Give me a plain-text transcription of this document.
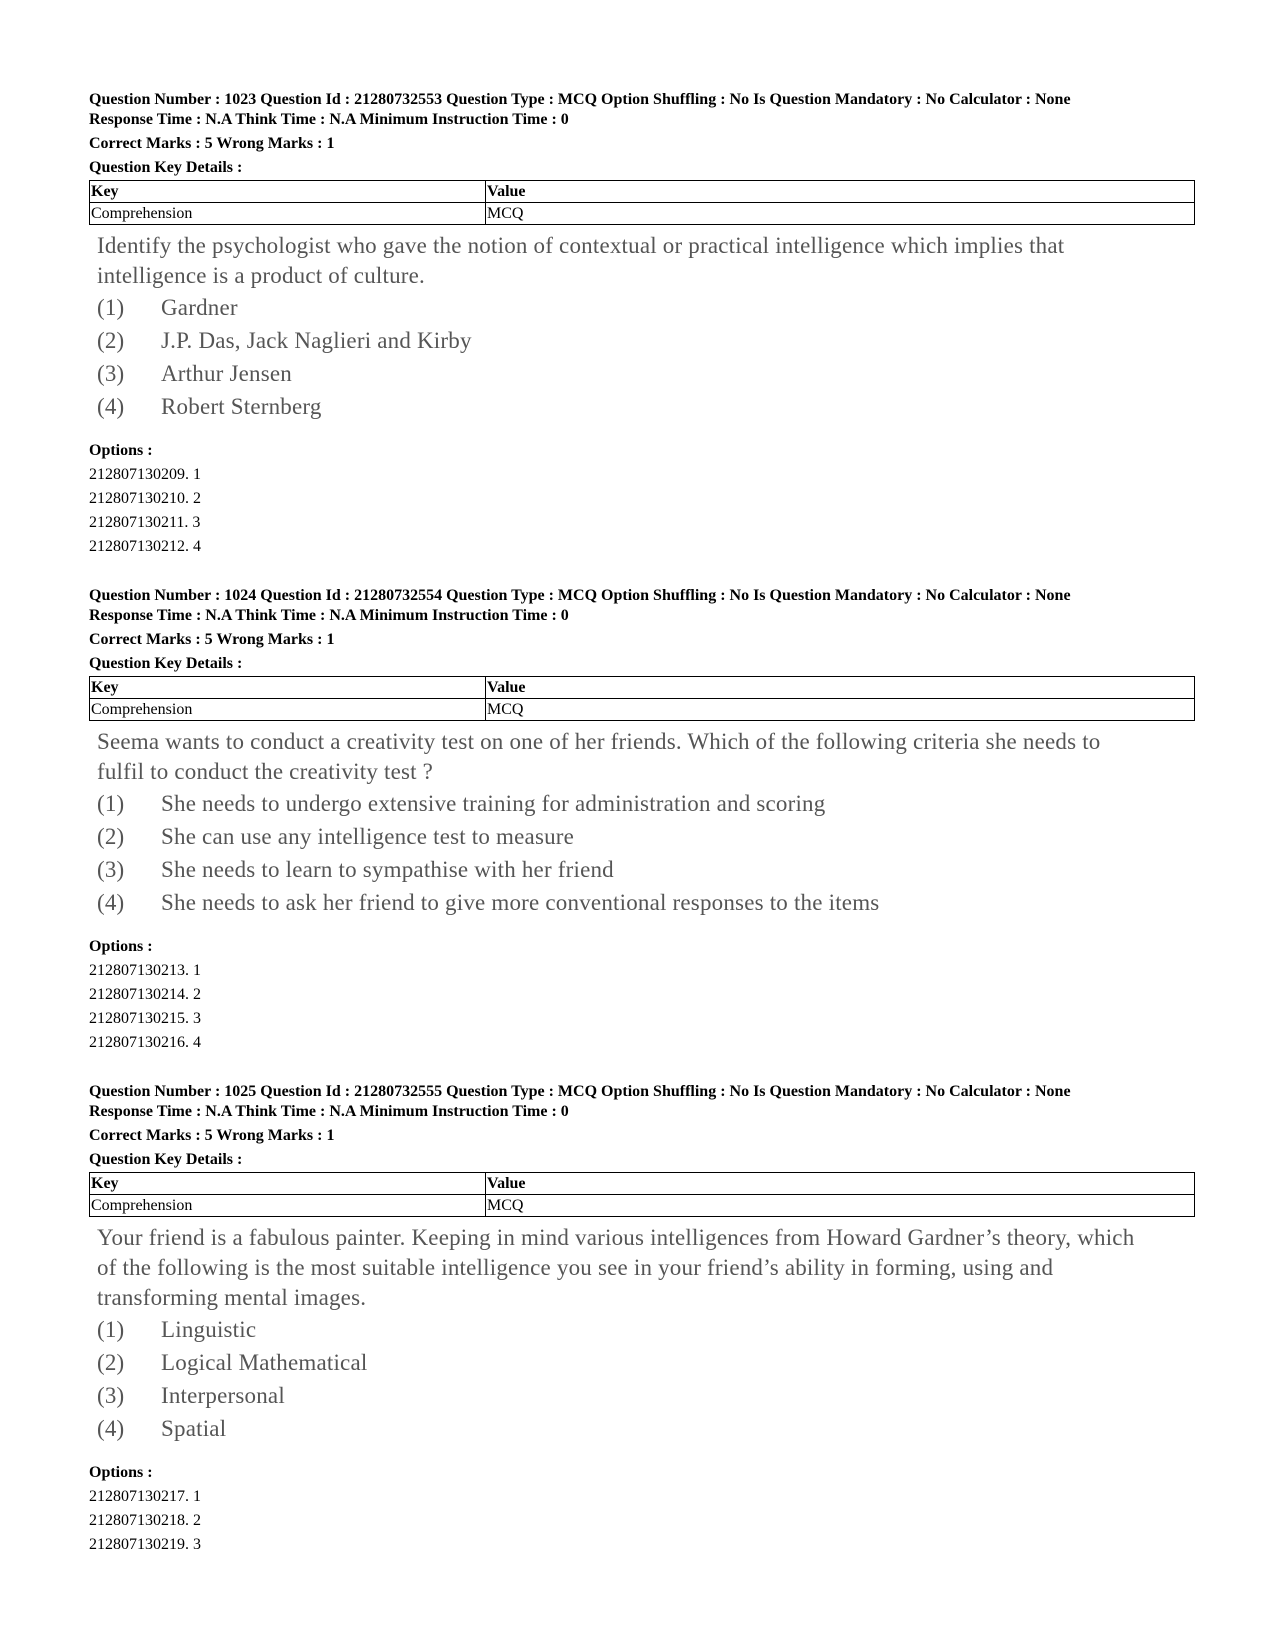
Question Number : 1023 Question Id : 21280732553 Question Type : MCQ Option Shuffling : No Is Question Mandatory : No Calculator : None
Response Time : N.A Think Time : N.A Minimum Instruction Time : 0
Correct Marks : 5 Wrong Marks : 1
Question Key Details :
Key	Value
Comprehension	MCQ
Identify the psychologist who gave the notion of contextual or practical intelligence which implies that intelligence is a product of culture.
(1)	Gardner
(2)	J.P. Das, Jack Naglieri and Kirby
(3)	Arthur Jensen
(4)	Robert Sternberg
Options :
212807130209. 1
212807130210. 2
212807130211. 3
212807130212. 4
Question Number : 1024 Question Id : 21280732554 Question Type : MCQ Option Shuffling : No Is Question Mandatory : No Calculator : None
Response Time : N.A Think Time : N.A Minimum Instruction Time : 0
Correct Marks : 5 Wrong Marks : 1
Question Key Details :
Key	Value
Comprehension	MCQ
Seema wants to conduct a creativity test on one of her friends. Which of the following criteria she needs to fulfil to conduct the creativity test ?
(1)	She needs to undergo extensive training for administration and scoring
(2)	She can use any intelligence test to measure
(3)	She needs to learn to sympathise with her friend
(4)	She needs to ask her friend to give more conventional responses to the items
Options :
212807130213. 1
212807130214. 2
212807130215. 3
212807130216. 4
Question Number : 1025 Question Id : 21280732555 Question Type : MCQ Option Shuffling : No Is Question Mandatory : No Calculator : None
Response Time : N.A Think Time : N.A Minimum Instruction Time : 0
Correct Marks : 5 Wrong Marks : 1
Question Key Details :
Key	Value
Comprehension	MCQ
Your friend is a fabulous painter. Keeping in mind various intelligences from Howard Gardner’s theory, which of the following is the most suitable intelligence you see in your friend’s ability in forming, using and transforming mental images.
(1)	Linguistic
(2)	Logical Mathematical
(3)	Interpersonal
(4)	Spatial
Options :
212807130217. 1
212807130218. 2
212807130219. 3
